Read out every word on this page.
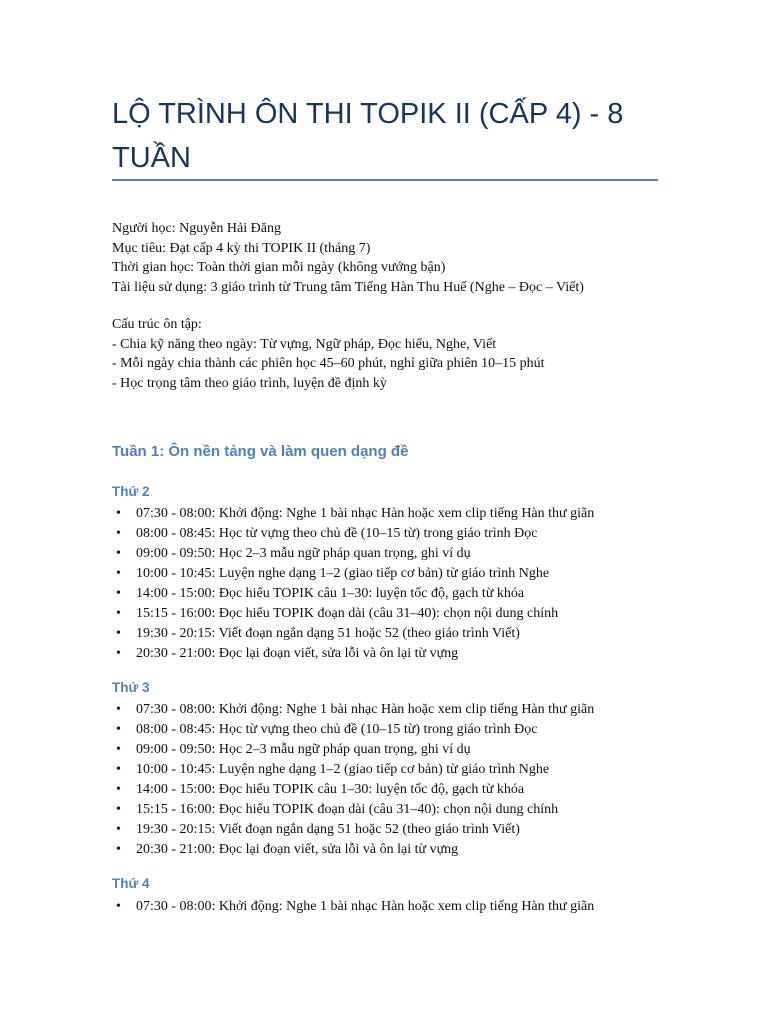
LỘ TRÌNH ÔN THI TOPIK II (CẤP 4) - 8 TUẦN
Người học: Nguyễn Hải Đăng
Mục tiêu: Đạt cấp 4 kỳ thi TOPIK II (tháng 7)
Thời gian học: Toàn thời gian mỗi ngày (không vướng bận)
Tài liệu sử dụng: 3 giáo trình từ Trung tâm Tiếng Hàn Thu Huế (Nghe – Đọc – Viết)
Cấu trúc ôn tập:
- Chia kỹ năng theo ngày: Từ vựng, Ngữ pháp, Đọc hiểu, Nghe, Viết
- Mỗi ngày chia thành các phiên học 45–60 phút, nghỉ giữa phiên 10–15 phút
- Học trọng tâm theo giáo trình, luyện đề định kỳ
Tuần 1: Ôn nền tảng và làm quen dạng đề
Thứ 2
• 07:30 - 08:00: Khởi động: Nghe 1 bài nhạc Hàn hoặc xem clip tiếng Hàn thư giãn
• 08:00 - 08:45: Học từ vựng theo chủ đề (10–15 từ) trong giáo trình Đọc
• 09:00 - 09:50: Học 2–3 mẫu ngữ pháp quan trọng, ghi ví dụ
• 10:00 - 10:45: Luyện nghe dạng 1–2 (giao tiếp cơ bản) từ giáo trình Nghe
• 14:00 - 15:00: Đọc hiểu TOPIK câu 1–30: luyện tốc độ, gạch từ khóa
• 15:15 - 16:00: Đọc hiểu TOPIK đoạn dài (câu 31–40): chọn nội dung chính
• 19:30 - 20:15: Viết đoạn ngắn dạng 51 hoặc 52 (theo giáo trình Viết)
• 20:30 - 21:00: Đọc lại đoạn viết, sửa lỗi và ôn lại từ vựng
Thứ 3
• 07:30 - 08:00: Khởi động: Nghe 1 bài nhạc Hàn hoặc xem clip tiếng Hàn thư giãn
• 08:00 - 08:45: Học từ vựng theo chủ đề (10–15 từ) trong giáo trình Đọc
• 09:00 - 09:50: Học 2–3 mẫu ngữ pháp quan trọng, ghi ví dụ
• 10:00 - 10:45: Luyện nghe dạng 1–2 (giao tiếp cơ bản) từ giáo trình Nghe
• 14:00 - 15:00: Đọc hiểu TOPIK câu 1–30: luyện tốc độ, gạch từ khóa
• 15:15 - 16:00: Đọc hiểu TOPIK đoạn dài (câu 31–40): chọn nội dung chính
• 19:30 - 20:15: Viết đoạn ngắn dạng 51 hoặc 52 (theo giáo trình Viết)
• 20:30 - 21:00: Đọc lại đoạn viết, sửa lỗi và ôn lại từ vựng
Thứ 4
• 07:30 - 08:00: Khởi động: Nghe 1 bài nhạc Hàn hoặc xem clip tiếng Hàn thư giãn
